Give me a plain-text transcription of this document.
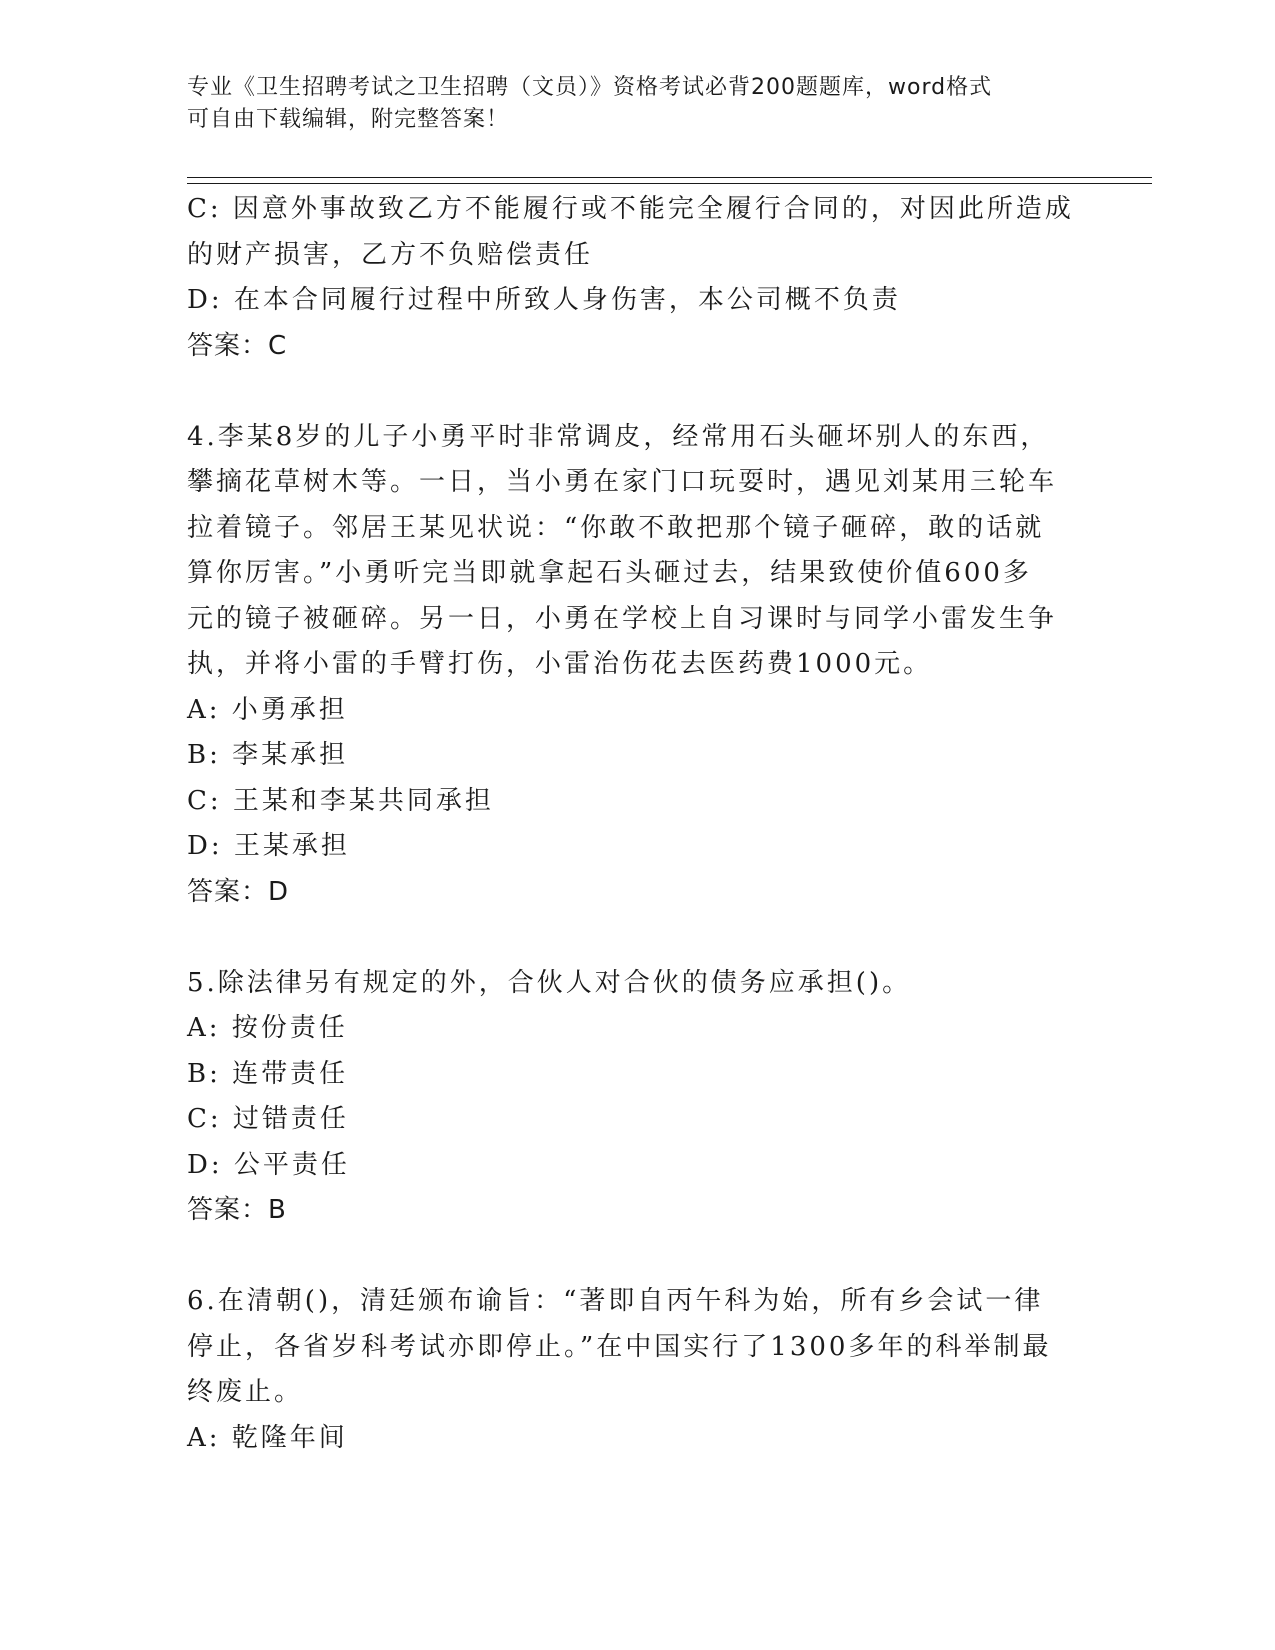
专业《卫生招聘考试之卫生招聘（文员）》资格考试必背200题题库，word格式
可自由下载编辑，附完整答案！
C: 因意外事故致乙方不能履行或不能完全履行合同的，对因此所造成
的财产损害，乙方不负赔偿责任
D: 在本合同履行过程中所致人身伤害，本公司概不负责
答案：C
4.李某8岁的儿子小勇平时非常调皮，经常用石头砸坏别人的东西，
攀摘花草树木等。一日，当小勇在家门口玩耍时，遇见刘某用三轮车
拉着镜子。邻居王某见状说：“你敢不敢把那个镜子砸碎，敢的话就
算你厉害。”小勇听完当即就拿起石头砸过去，结果致使价值600多
元的镜子被砸碎。另一日，小勇在学校上自习课时与同学小雷发生争
执，并将小雷的手臂打伤，小雷治伤花去医药费1000元。
A: 小勇承担
B: 李某承担
C: 王某和李某共同承担
D: 王某承担
答案：D
5.除法律另有规定的外，合伙人对合伙的债务应承担()。
A: 按份责任
B: 连带责任
C: 过错责任
D: 公平责任
答案：B
6.在清朝()，清廷颁布谕旨：“著即自丙午科为始，所有乡会试一律
停止，各省岁科考试亦即停止。”在中国实行了1300多年的科举制最
终废止。
A: 乾隆年间
